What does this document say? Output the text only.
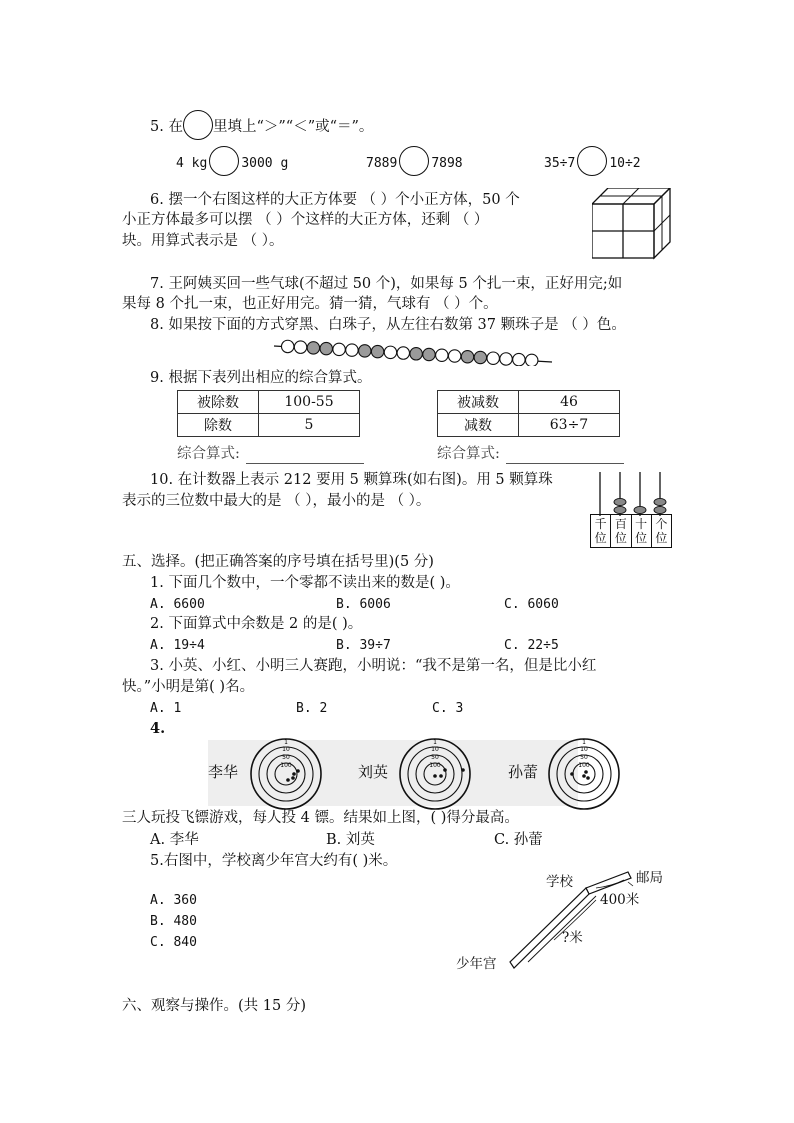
5. 在 里填上“＞”“＜”或“＝”。
4 kg	3000 g	7889	7898	35÷7	10÷2
6. 摆一个右图这样的大正方体要 （ ）个小正方体，50 个
小正方体最多可以摆 （ ）个这样的大正方体，还剩 （ ）
块。用算式表示是 （ ）。
7. 王阿姨买回一些气球(不超过 50 个)，如果每 5 个扎一束，正好用完;如
果每 8 个扎一束，也正好用完。猜一猜，气球有 （ ）个。
8. 如果按下面的方式穿黑、白珠子，从左往右数第 37 颗珠子是 （ ）色。
9. 根据下表列出相应的综合算式。
被除数	100-55
除数	5
被减数	46
减数	63÷7
综合算式:	综合算式:
10. 在计数器上表示 212 要用 5 颗算珠(如右图)。用 5 颗算珠
表示的三位数中最大的是 （ ），最小的是 （ ）。
千位
百位
十位
个位
五、选择。(把正确答案的序号填在括号里)(5 分)
1. 下面几个数中，一个零都不读出来的数是( )。
A. 6600	B. 6006	C. 6060
2. 下面算式中余数是 2 的是( )。
A. 19÷4	B. 39÷7	C. 22÷5
3. 小英、小红、小明三人赛跑，小明说：“我不是第一名，但是比小红
快。”小明是第( )名。
A. 1	B. 2	C. 3
4.
李华	刘英	孙蕾
1
10
50
100
1
10
50
100
1
10
50
100
三人玩投飞镖游戏，每人投 4 镖。结果如上图，( )得分最高。
A. 李华	B. 刘英	C. 孙蕾
5.右图中，学校离少年宫大约有( )米。
A. 360
B. 480
C. 840
学校	邮局
400米
?米
少年宫
六、观察与操作。(共 15 分)
